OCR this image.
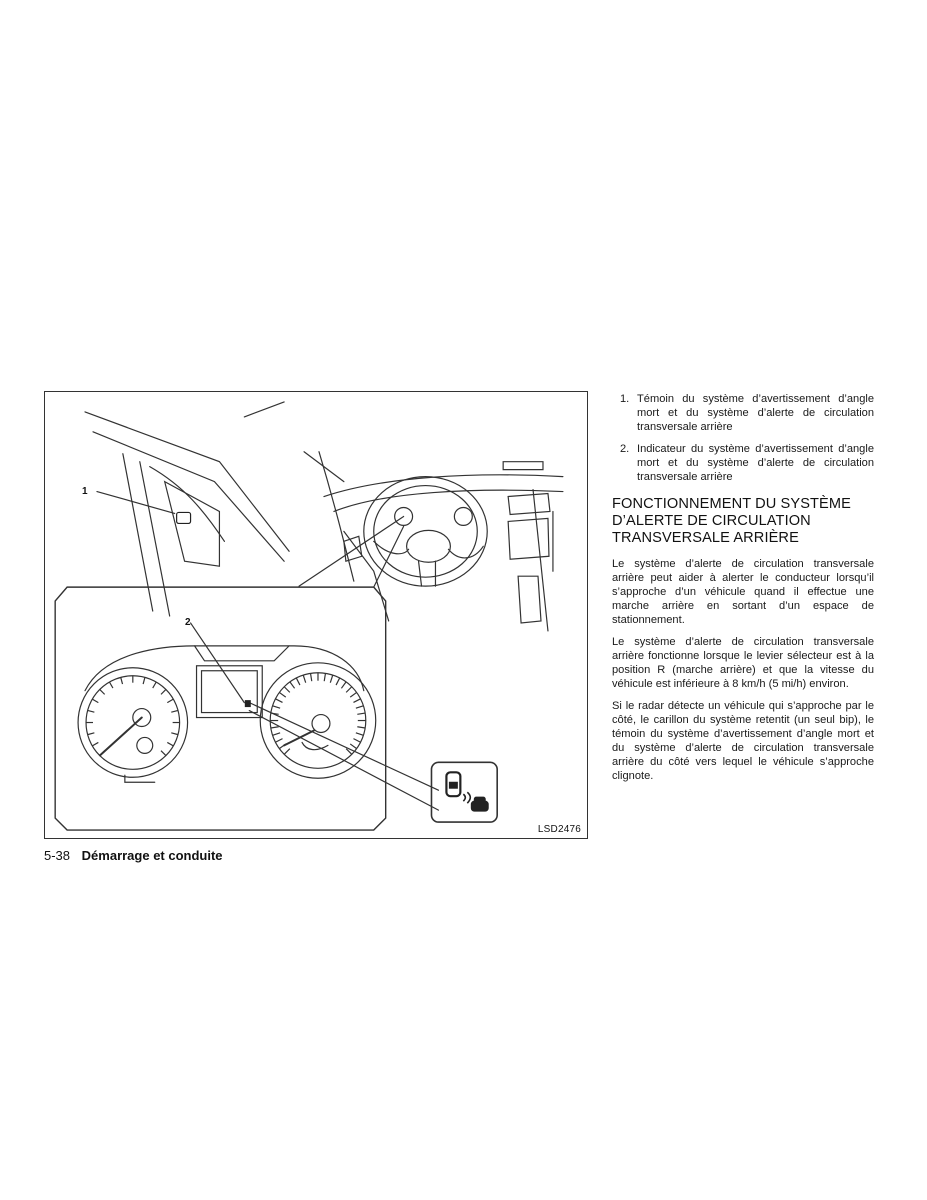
1
2
LSD2476
1. Témoin du système d’avertissement d’angle mort et du système d’alerte de circulation transversale arrière
2. Indicateur du système d’avertissement d’angle mort et du système d’alerte de circulation transversale arrière
FONCTIONNEMENT DU SYSTÈME D’ALERTE DE CIRCULATION TRANSVERSALE ARRIÈRE

Le système d’alerte de circulation transversale arrière peut aider à alerter le conducteur lorsqu’il s’approche d’un véhicule quand il effectue une marche arrière en sortant d’un espace de stationnement.

Le système d’alerte de circulation transversale arrière fonctionne lorsque le levier sélecteur est à la position R (marche arrière) et que la vitesse du véhicule est inférieure à 8 km/h (5 mi/h) environ.

Si le radar détecte un véhicule qui s’approche par le côté, le carillon du système retentit (un seul bip), le témoin du système d’avertissement d’angle mort et du système d’alerte de circulation transversale arrière du côté vers lequel le véhicule s’approche clignote.

5-38 Démarrage et conduite
